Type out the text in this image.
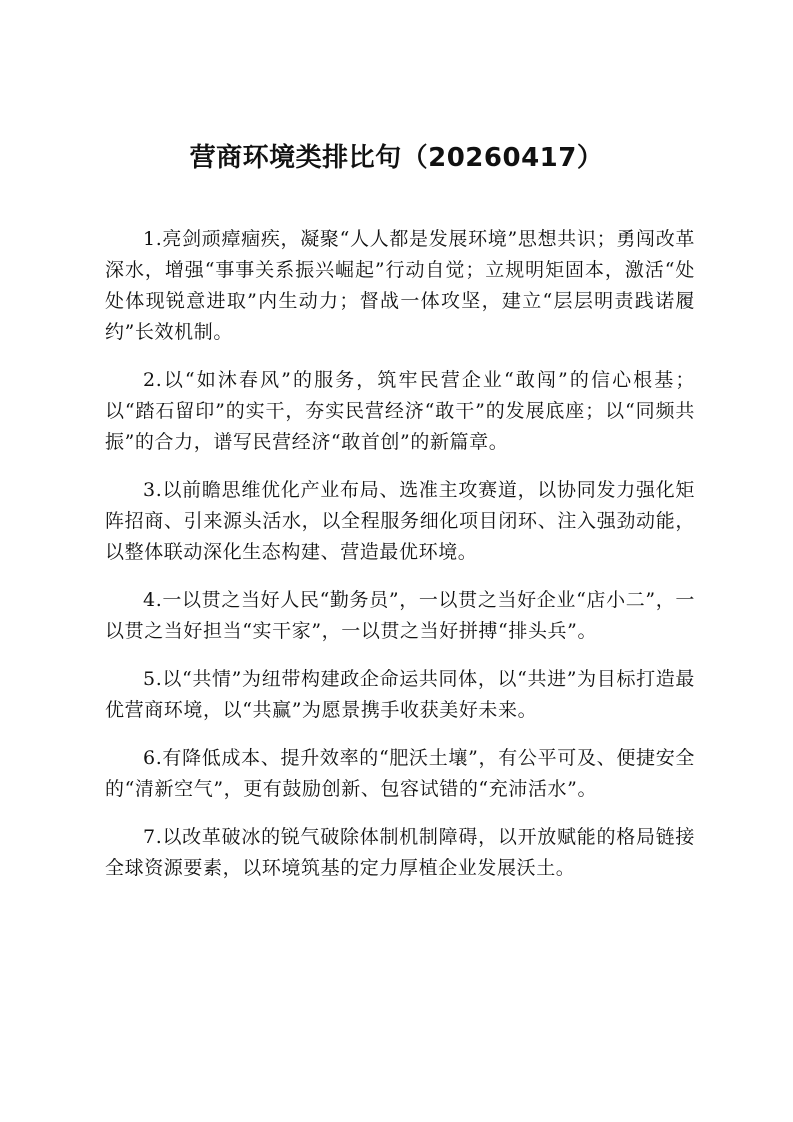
营商环境类排比句（20260417）

1.亮剑顽瘴痼疾，凝聚“人人都是发展环境”思想共识；勇闯改革深水，增强“事事关系振兴崛起”行动自觉；立规明矩固本，激活“处处体现锐意进取”内生动力；督战一体攻坚，建立“层层明责践诺履约”长效机制。

2.以“如沐春风”的服务，筑牢民营企业“敢闯”的信心根基；以“踏石留印”的实干，夯实民营经济“敢干”的发展底座；以“同频共振”的合力，谱写民营经济“敢首创”的新篇章。

3.以前瞻思维优化产业布局、选准主攻赛道，以协同发力强化矩阵招商、引来源头活水，以全程服务细化项目闭环、注入强劲动能，以整体联动深化生态构建、营造最优环境。

4.一以贯之当好人民“勤务员”，一以贯之当好企业“店小二”，一以贯之当好担当“实干家”，一以贯之当好拼搏“排头兵”。

5.以“共情”为纽带构建政企命运共同体，以“共进”为目标打造最优营商环境，以“共赢”为愿景携手收获美好未来。

6.有降低成本、提升效率的“肥沃土壤”，有公平可及、便捷安全的“清新空气”，更有鼓励创新、包容试错的“充沛活水”。

7.以改革破冰的锐气破除体制机制障碍，以开放赋能的格局链接全球资源要素，以环境筑基的定力厚植企业发展沃土。
